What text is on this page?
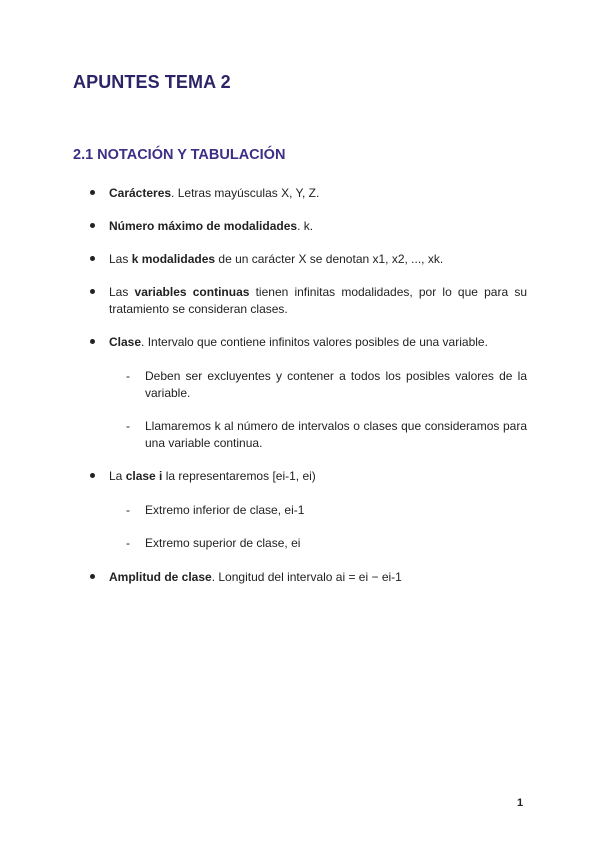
APUNTES TEMA 2
2.1 NOTACIÓN Y TABULACIÓN
Carácteres. Letras mayúsculas X, Y, Z.
Número máximo de modalidades. k.
Las k modalidades de un carácter X se denotan x1, x2, ..., xk.
Las variables continuas tienen infinitas modalidades, por lo que para su tratamiento se consideran clases.
Clase. Intervalo que contiene infinitos valores posibles de una variable.
- Deben ser excluyentes y contener a todos los posibles valores de la variable.
- Llamaremos k al número de intervalos o clases que consideramos para una variable continua.
La clase i la representaremos [ei-1, ei)
- Extremo inferior de clase, ei-1
- Extremo superior de clase, ei
Amplitud de clase. Longitud del intervalo ai = ei − ei-1
1
